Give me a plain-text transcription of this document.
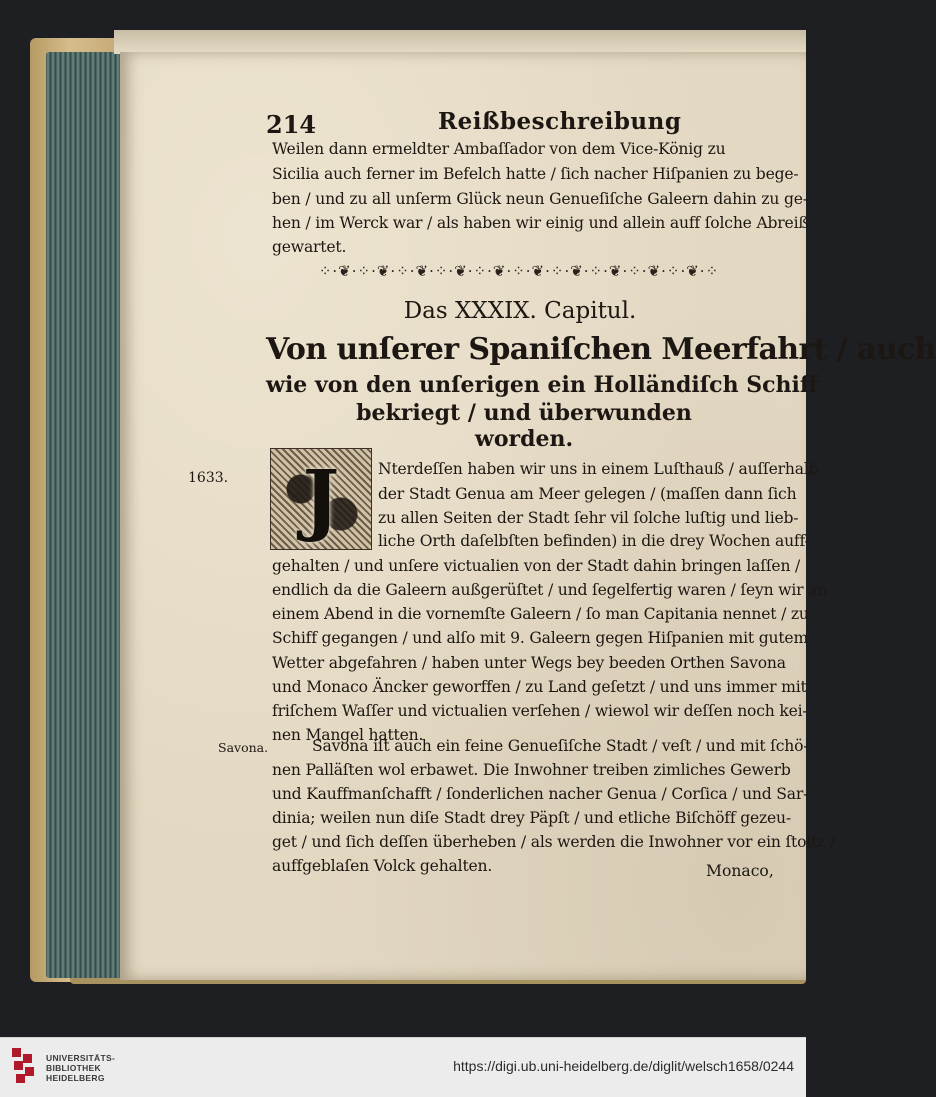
214	Reißbeschreibung
Weilen dann ermeldter Ambaſſador von dem Vice-König zu
Sicilia auch ferner im Befelch hatte / ſich nacher Hiſpanien zu bege-
ben / und zu all unſerm Glück neun Genueſiſche Galeern dahin zu ge-
hen / im Werck war / als haben wir einig und allein auff ſolche Abreiß
gewartet.
⁘·❦·⁘·❦·⁘·❦·⁘·❦·⁘·❦·⁘·❦·⁘·❦·⁘·❦·⁘·❦·⁘·❦·⁘
Das XXXIX. Capitul.
Von unſerer Spaniſchen Meerfahrt / auch
wie von den unſerigen ein Holländiſch Schiff
bekriegt / und überwunden
worden.
1633. J Nterdeſſen haben wir uns in einem Luſthauß / auſſerhalb
der Stadt Genua am Meer gelegen / (maſſen dann ſich
zu allen Seiten der Stadt ſehr vil ſolche luſtig und lieb-
liche Orth daſelbſten befinden) in die drey Wochen auff-
gehalten / und unſere victualien von der Stadt dahin bringen laſſen /
endlich da die Galeern außgerüſtet / und ſegelfertig waren / ſeyn wir an
einem Abend in die vornemſte Galeern / ſo man Capitania nennet / zu
Schiff gegangen / und alſo mit 9. Galeern gegen Hiſpanien mit gutem
Wetter abgefahren / haben unter Wegs bey beeden Orthen Savona
und Monaco Äncker geworffen / zu Land geſetzt / und uns immer mit
friſchem Waſſer und victualien verſehen / wiewol wir deſſen noch kei-
nen Mangel hatten.
Savona.	Savona iſt auch ein feine Genueſiſche Stadt / veſt / und mit ſchö-
nen Palläſten wol erbawet. Die Inwohner treiben zimliches Gewerb
und Kauffmanſchafft / ſonderlichen nacher Genua / Corſica / und Sar-
dinia; weilen nun diſe Stadt drey Päpſt / und etliche Biſchöff gezeu-
get / und ſich deſſen überheben / als werden die Inwohner vor ein ſtoltz /
auffgeblaſen Volck gehalten.	Monaco,
UNIVERSITÄTS-
BIBLIOTHEK
HEIDELBERG
https://digi.ub.uni-heidelberg.de/diglit/welsch1658/0244
